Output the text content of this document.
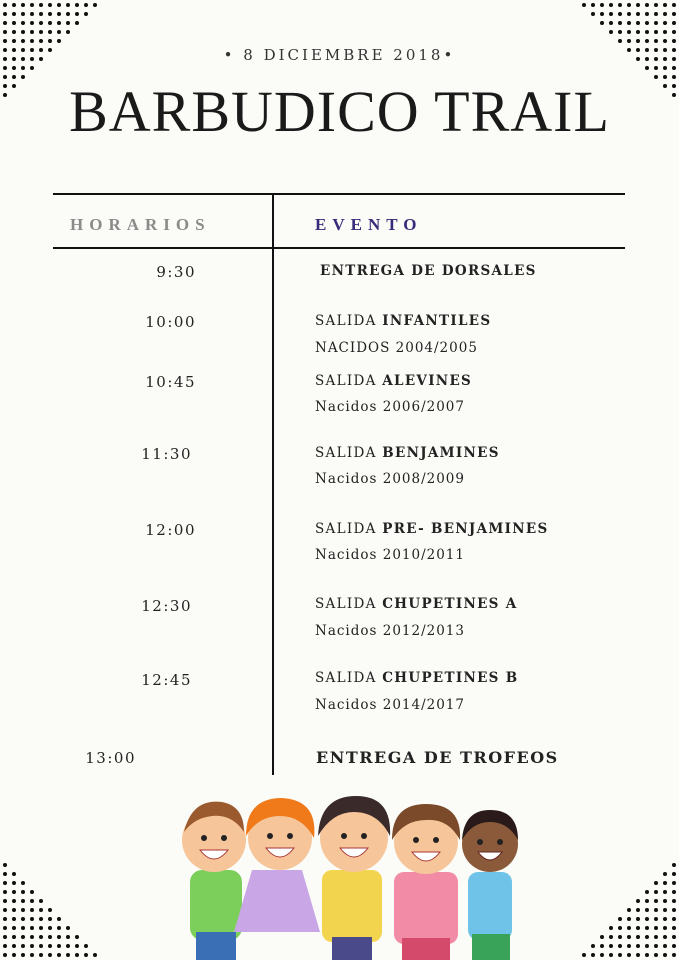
• 8 DICIEMBRE 2018•
BARBUDICO TRAIL
HORARIOS	EVENTO
9:30	ENTREGA DE DORSALES
10:00	SALIDA INFANTILES
NACIDOS 2004/2005
10:45	SALIDA ALEVINES
Nacidos 2006/2007
11:30	SALIDA BENJAMINES
Nacidos 2008/2009
12:00	SALIDA PRE- BENJAMINES
Nacidos 2010/2011
12:30	SALIDA CHUPETINES A
Nacidos 2012/2013
12:45	SALIDA CHUPETINES B
Nacidos 2014/2017
13:00	ENTREGA DE TROFEOS
